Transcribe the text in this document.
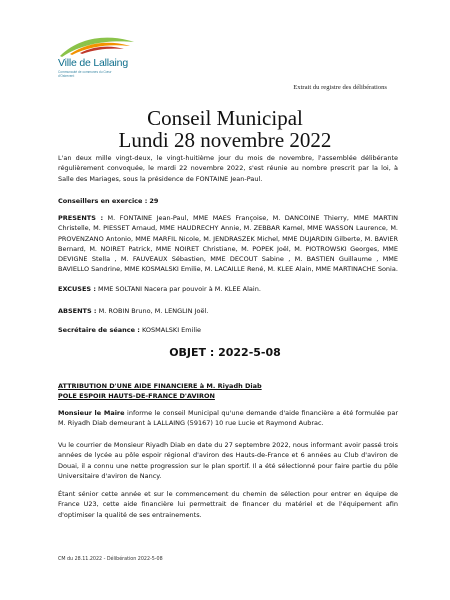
Ville de Lallaing
Communauté de communes du Cœur d'Ostrevent
Extrait du registre des délibérations
Conseil Municipal
Lundi 28 novembre 2022
L'an deux mille vingt-deux, le vingt-huitième jour du mois de novembre, l'assemblée délibérante régulièrement convoquée, le mardi 22 novembre 2022, s'est réunie au nombre prescrit par la loi, à Salle des Mariages, sous la présidence de FONTAINE Jean-Paul.
Conseillers en exercice : 29
PRESENTS : M. FONTAINE Jean-Paul, MME MAES Françoise, M. DANCOINE Thierry, MME MARTIN Christelle, M. PIESSET Arnaud, MME HAUDRECHY Annie, M. ZEBBAR Kamel, MME WASSON Laurence, M. PROVENZANO Antonio, MME MARFIL Nicole, M. JENDRASZEK Michel, MME DUJARDIN Gilberte, M. BAVIER Bernard, M. NOIRET Patrick, MME NOIRET Christiane, M. POPEK Joël, M. PIOTROWSKI Georges, MME DEVIGNE Stella , M. FAUVEAUX Sébastien, MME DECOUT Sabine , M. BASTIEN Guillaume , MME BAVIELLO Sandrine, MME KOSMALSKI Emilie, M. LACAILLE René, M. KLEE Alain, MME MARTINACHE Sonia.
EXCUSES : MME SOLTANI Nacera par pouvoir à M. KLEE Alain.
ABSENTS : M. ROBIN Bruno, M. LENGLIN Joël.
Secrétaire de séance : KOSMALSKI Emilie
OBJET : 2022-5-08
ATTRIBUTION D'UNE AIDE FINANCIERE à M. Riyadh Diab
POLE ESPOIR HAUTS-DE-FRANCE D'AVIRON
Monsieur le Maire informe le conseil Municipal qu'une demande d'aide financière a été formulée par M. Riyadh Diab demeurant à LALLAING (59167) 10 rue Lucie et Raymond Aubrac.
Vu le courrier de Monsieur Riyadh Diab en date du 27 septembre 2022, nous informant avoir passé trois années de lycée au pôle espoir régional d'aviron des Hauts-de-France et 6 années au Club d'aviron de Douai, il a connu une nette progression sur le plan sportif. Il a été sélectionné pour faire partie du pôle Universitaire d'aviron de Nancy.
Étant sénior cette année et sur le commencement du chemin de sélection pour entrer en équipe de France U23, cette aide financière lui permettrait de financer du matériel et de l'équipement afin d'optimiser la qualité de ses entrainements.
CM du 28.11.2022 - Délibération 2022-5-08
